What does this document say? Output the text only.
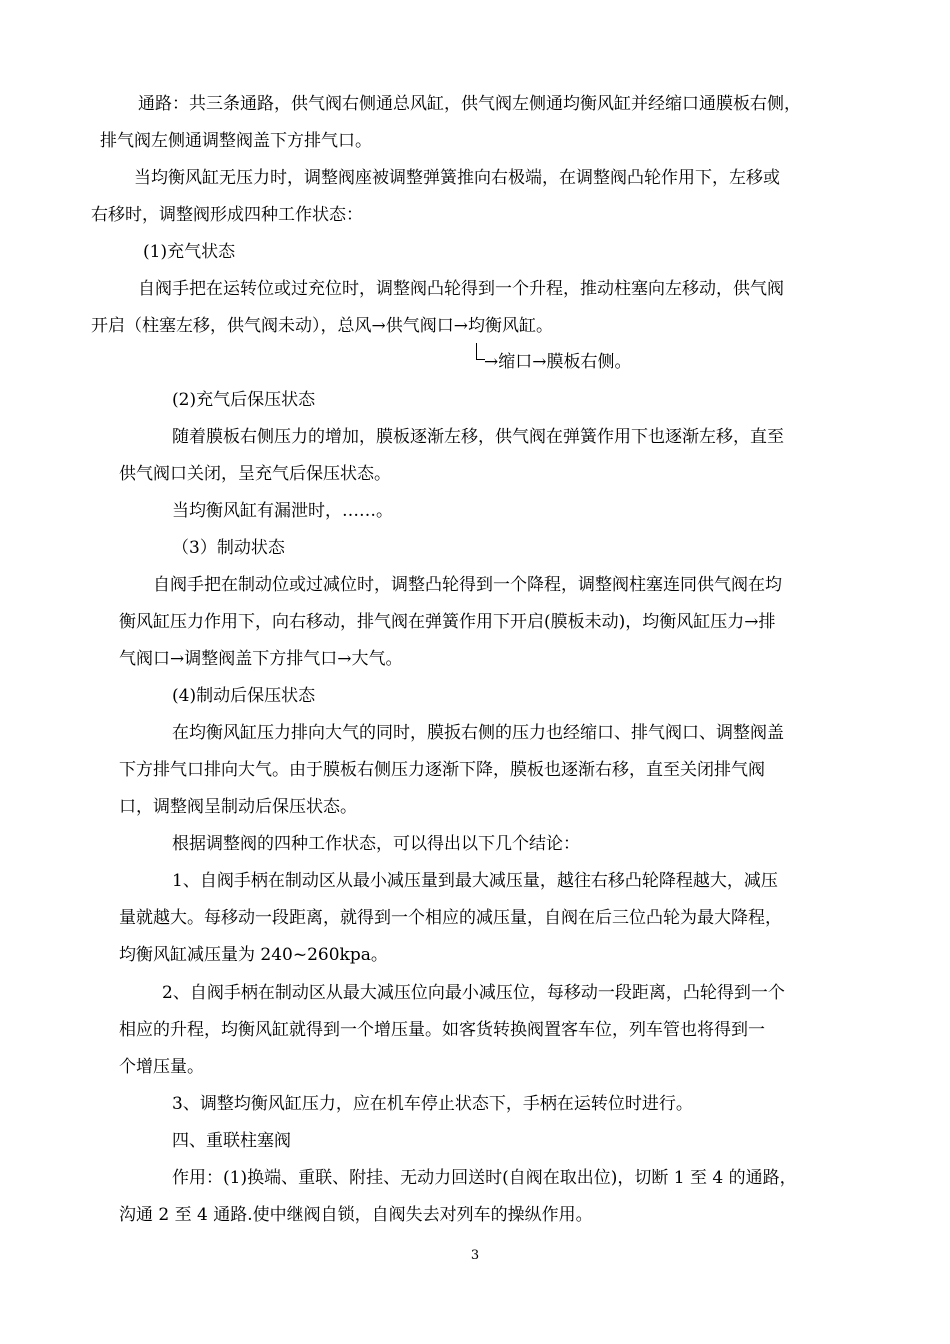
通路：共三条通路，供气阀右侧通总风缸，供气阀左侧通均衡风缸并经缩口通膜板右侧，
排气阀左侧通调整阀盖下方排气口。
当均衡风缸无压力时，调整阀座被调整弹簧推向右极端，在调整阀凸轮作用下，左移或
右移时，调整阀形成四种工作状态：
(1)充气状态
自阀手把在运转位或过充位时，调整阀凸轮得到一个升程，推动柱塞向左移动，供气阀
开启（柱塞左移，供气阀未动），总风→供气阀口→均衡风缸。
→缩口→膜板右侧。
(2)充气后保压状态
随着膜板右侧压力的增加，膜板逐渐左移，供气阀在弹簧作用下也逐渐左移，直至
供气阀口关闭，呈充气后保压状态。
当均衡风缸有漏泄时，……。
（3）制动状态
自阀手把在制动位或过减位时，调整凸轮得到一个降程，调整阀柱塞连同供气阀在均
衡风缸压力作用下，向右移动，排气阀在弹簧作用下开启(膜板未动)，均衡风缸压力→排
气阀口→调整阀盖下方排气口→大气。
(4)制动后保压状态
在均衡风缸压力排向大气的同时，膜扳右侧的压力也经缩口、排气阀口、调整阀盖
下方排气口排向大气。由于膜板右侧压力逐渐下降，膜板也逐渐右移，直至关闭排气阀
口，调整阀呈制动后保压状态。
根据调整阀的四种工作状态，可以得出以下几个结论：
1、自阀手柄在制动区从最小减压量到最大减压量，越往右移凸轮降程越大，减压
量就越大。每移动一段距离，就得到一个相应的减压量，自阀在后三位凸轮为最大降程，
均衡风缸减压量为 240~260kpa。
2、自阀手柄在制动区从最大减压位向最小减压位，每移动一段距离，凸轮得到一个
相应的升程，均衡风缸就得到一个增压量。如客货转换阀置客车位，列车管也将得到一
个增压量。
3、调整均衡风缸压力，应在机车停止状态下，手柄在运转位时进行。
四、重联柱塞阀
作用：(1)换端、重联、附挂、无动力回送时(自阀在取出位)，切断 1 至 4 的通路，
沟通 2 至 4 通路.使中继阀自锁，自阀失去对列车的操纵作用。
3
